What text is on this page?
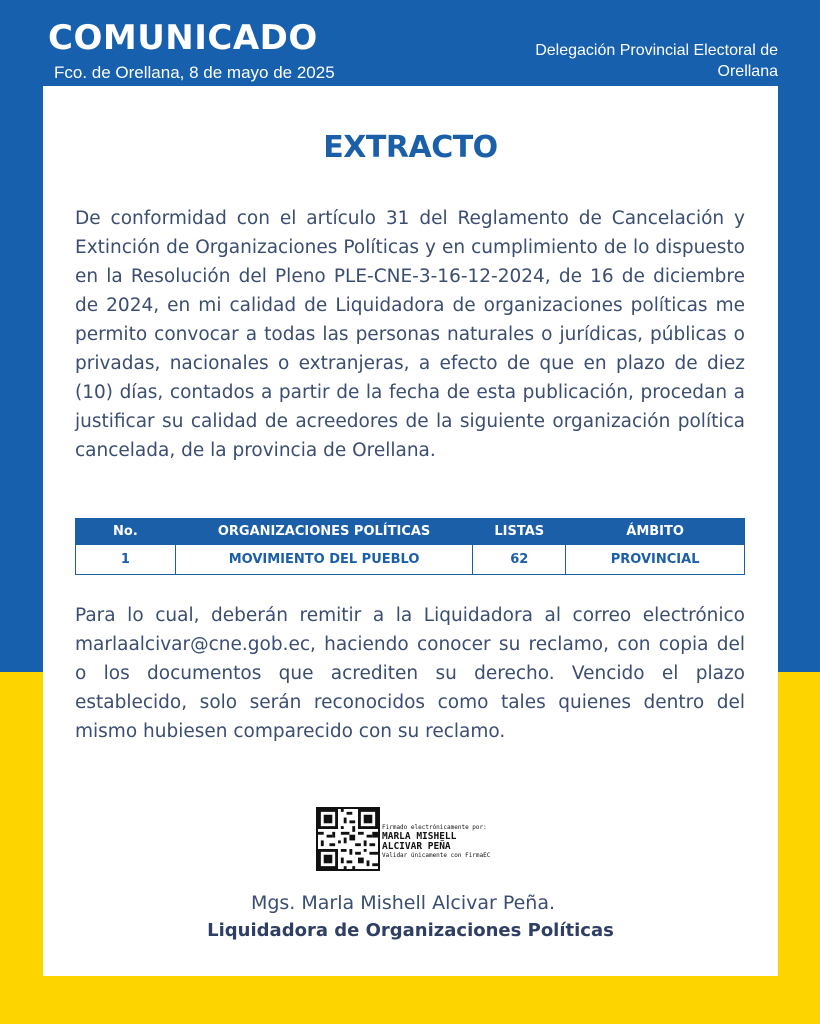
COMUNICADO
Fco. de Orellana, 8 de mayo de 2025
Delegación Provincial Electoral de Orellana
EXTRACTO

De conformidad con el artículo 31 del Reglamento de Cancelación y Extinción de Organizaciones Políticas y en cumplimiento de lo dispuesto en la Resolución del Pleno PLE-CNE-3-16-12-2024, de 16 de diciembre de 2024, en mi calidad de Liquidadora de organizaciones políticas me permito convocar a todas las personas naturales o jurídicas, públicas o privadas, nacionales o extranjeras, a efecto de que en plazo de diez (10) días, contados a partir de la fecha de esta publicación, procedan a justificar su calidad de acreedores de la siguiente organización política cancelada, de la provincia de Orellana.

No.	ORGANIZACIONES POLÍTICAS	LISTAS	ÁMBITO
1	MOVIMIENTO DEL PUEBLO	62	PROVINCIAL

Para lo cual, deberán remitir a la Liquidadora al correo electrónico marlaalcivar@cne.gob.ec, haciendo conocer su reclamo, con copia del o los documentos que acrediten su derecho. Vencido el plazo establecido, solo serán reconocidos como tales quienes dentro del mismo hubiesen comparecido con su reclamo.

Firmado electrónicamente por:
MARLA MISHELL
ALCIVAR PEÑA
Validar únicamente con FirmaEC
Mgs. Marla Mishell Alcivar Peña.
Liquidadora de Organizaciones Políticas
